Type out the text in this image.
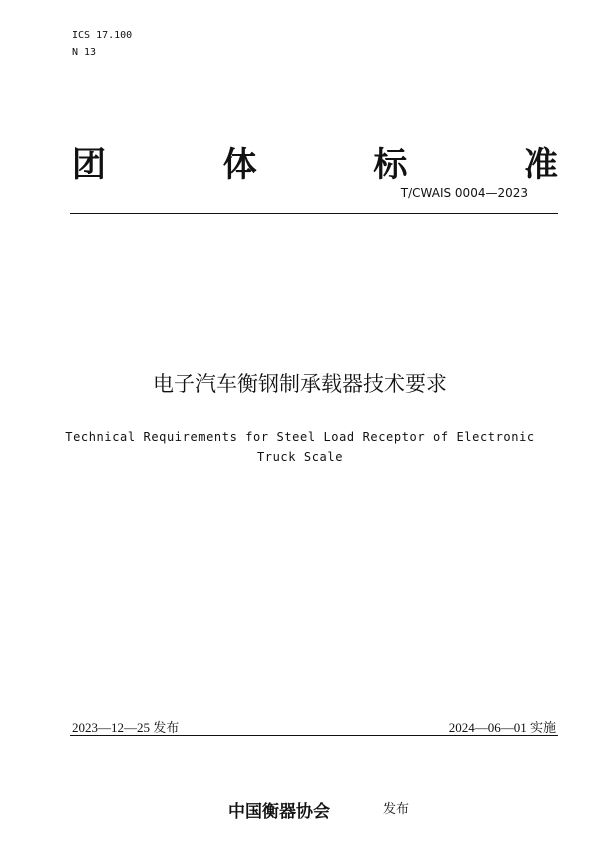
ICS 17.100
N 13
团	体	标	准
T/CWAIS 0004—2023
电子汽车衡钢制承载器技术要求
Technical Requirements for Steel Load Receptor of Electronic Truck Scale
2023—12—25 发布	2024—06—01 实施
中国衡器协会	发布
